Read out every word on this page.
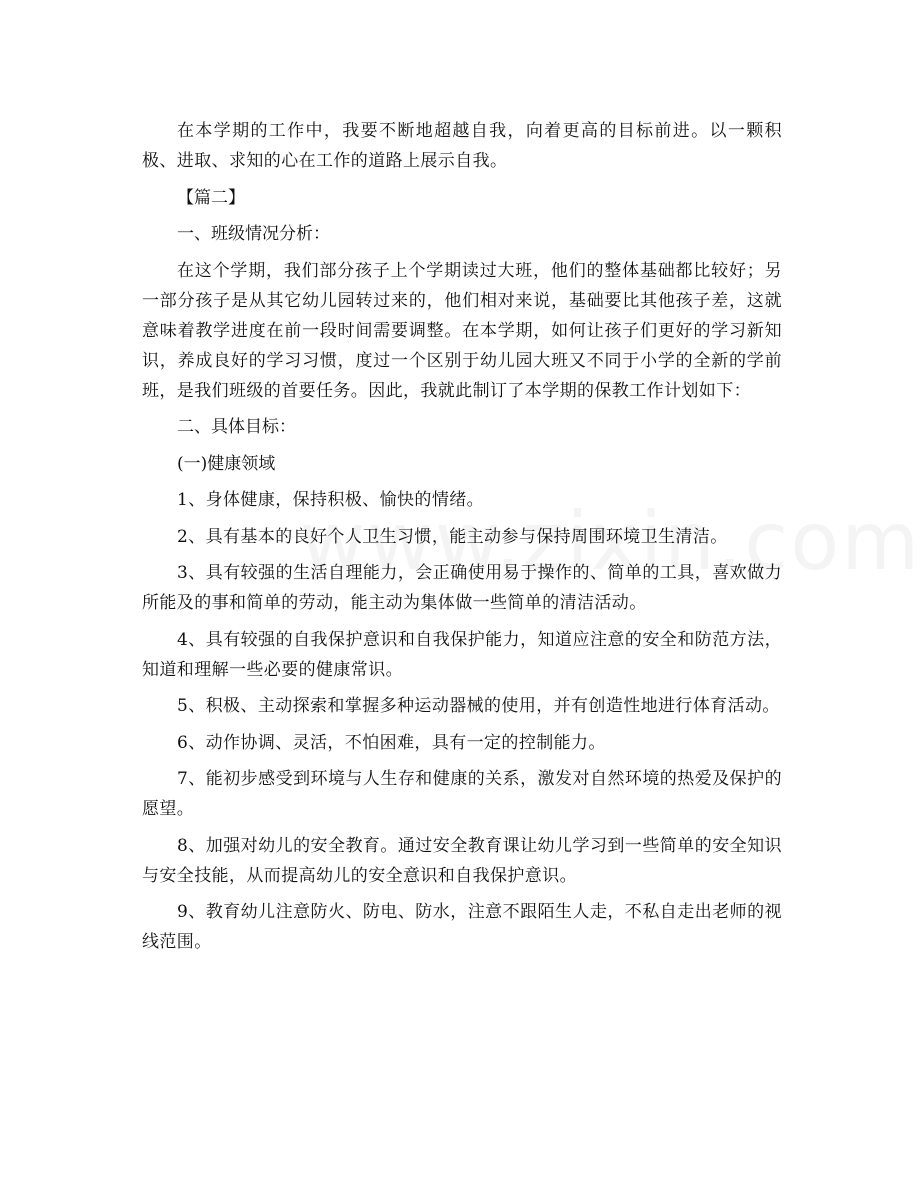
在本学期的工作中，我要不断地超越自我，向着更高的目标前进。以一颗积极、进取、求知的心在工作的道路上展示自我。

【篇二】

一、班级情况分析：

在这个学期，我们部分孩子上个学期读过大班，他们的整体基础都比较好；另一部分孩子是从其它幼儿园转过来的，他们相对来说，基础要比其他孩子差，这就意味着教学进度在前一段时间需要调整。在本学期，如何让孩子们更好的学习新知识，养成良好的学习习惯，度过一个区别于幼儿园大班又不同于小学的全新的学前班，是我们班级的首要任务。因此，我就此制订了本学期的保教工作计划如下：

二、具体目标：

(一)健康领域

1、身体健康，保持积极、愉快的情绪。

2、具有基本的良好个人卫生习惯，能主动参与保持周围环境卫生清洁。

3、具有较强的生活自理能力，会正确使用易于操作的、简单的工具，喜欢做力所能及的事和简单的劳动，能主动为集体做一些简单的清洁活动。

4、具有较强的自我保护意识和自我保护能力，知道应注意的安全和防范方法，知道和理解一些必要的健康常识。

5、积极、主动探索和掌握多种运动器械的使用，并有创造性地进行体育活动。

6、动作协调、灵活，不怕困难，具有一定的控制能力。

7、能初步感受到环境与人生存和健康的关系，激发对自然环境的热爱及保护的愿望。

8、加强对幼儿的安全教育。通过安全教育课让幼儿学习到一些简单的安全知识与安全技能，从而提高幼儿的安全意识和自我保护意识。

9、教育幼儿注意防火、防电、防水，注意不跟陌生人走，不私自走出老师的视线范围。
